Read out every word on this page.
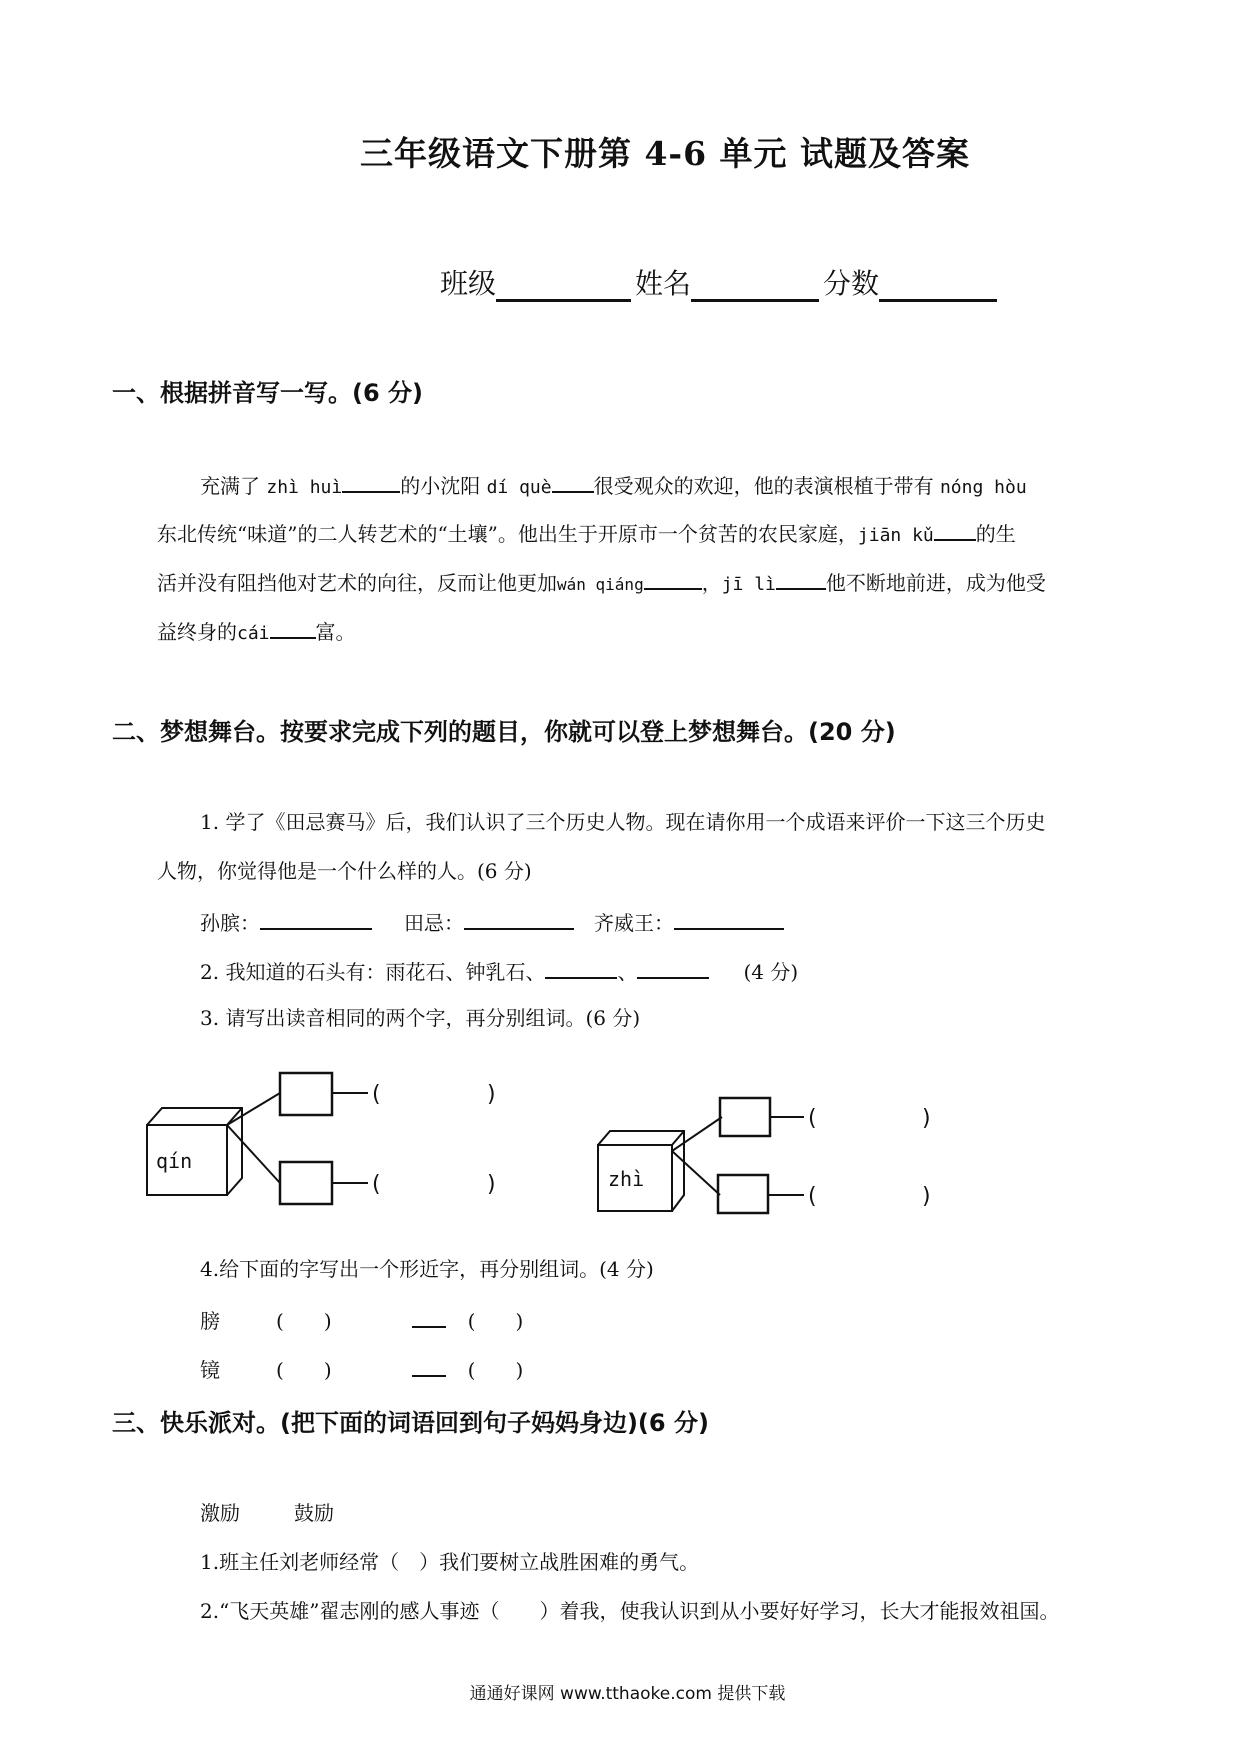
三年级语文下册第 4-6 单元 试题及答案
班级	姓名	分数
一、根据拼音写一写。(6 分)
充满了 zhì huì	的小沈阳 dí què 很受观众的欢迎，他的表演根植于带有 nóng hòu
东北传统“味道”的二人转艺术的“土壤”。他出生于开原市一个贫苦的农民家庭，jiān kǔ 的生
活并没有阻挡他对艺术的向往，反而让他更加wán qiáng	，jī lì	他不断地前进，成为他受
益终身的cái 富。
二、梦想舞台。按要求完成下列的题目，你就可以登上梦想舞台。(20 分)
1. 学了《田忌赛马》后，我们认识了三个历史人物。现在请你用一个成语来评价一下这三个历史
人物，你觉得他是一个什么样的人。(6 分)
孙膑：	田忌：	齐威王：
2. 我知道的石头有：雨花石、钟乳石、	、	(4 分)
3. 请写出读音相同的两个字，再分别组词。(6 分)
qín
zhì
(	)
(	)
(	)
(	)
4.给下面的字写出一个形近字，再分别组词。(4 分)
膀	( )	( )
镜	( )	( )
三、快乐派对。(把下面的词语回到句子妈妈身边)(6 分)
激励	鼓励
1.班主任刘老师经常（　）我们要树立战胜困难的勇气。
2.“飞天英雄”翟志刚的感人事迹（　　）着我，使我认识到从小要好好学习，长大才能报效祖国。
通通好课网 www.tthaoke.com 提供下载
